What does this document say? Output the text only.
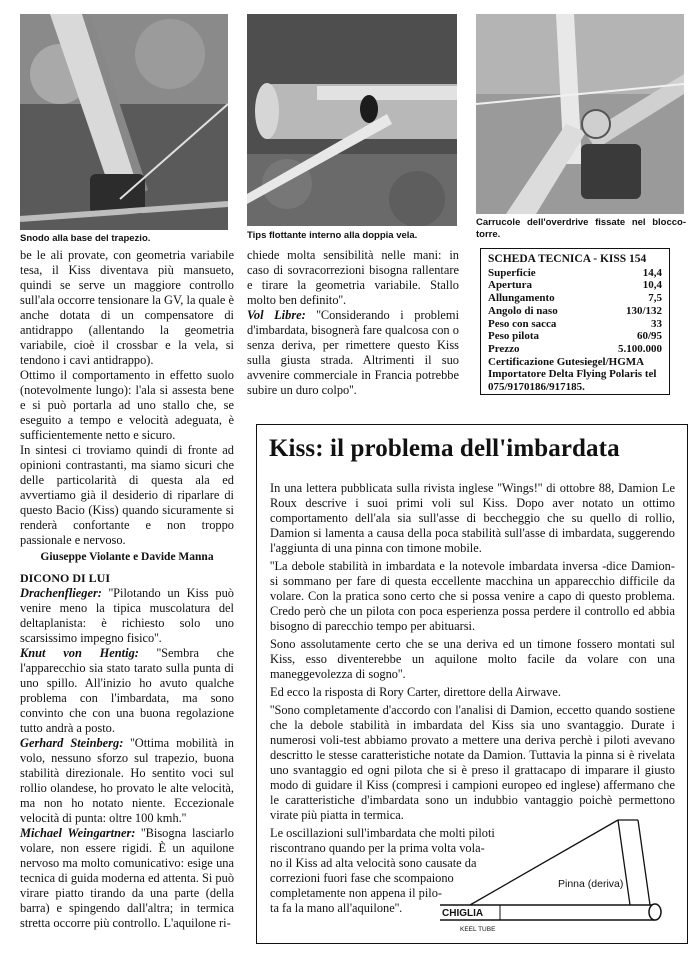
Snodo alla base del trapezio.	Tips flottante interno alla doppia vela.
Carrucole dell'overdrive fissate nel blocco-torre.

be le ali provate, con geometria variabile tesa, il Kiss diventava più mansueto, quindi se serve un maggiore controllo sull'ala occorre tensionare la GV, la quale è anche dotata di un compensatore di antidrappo (allentando la geometria variabile, cioè il crossbar e la vela, si tendono i cavi antidrappo).

Ottimo il comportamento in effetto suolo (notevolmente lungo): l'ala si assesta bene e si può portarla ad uno stallo che, se eseguito a tempo e velocità adeguata, è sufficientemente netto e sicuro.

In sintesi ci troviamo quindi di fronte ad opinioni contrastanti, ma siamo sicuri che delle particolarità di questa ala ed avvertiamo già il desiderio di riparlare di questo Bacio (Kiss) quando sicuramente si renderà confortante e non troppo passionale e nervoso.

Giuseppe Violante e Davide Manna

DICONO DI LUI

Drachenflieger: ''Pilotando un Kiss può venire meno la tipica muscolatura del deltaplanista: è richiesto solo uno scarsissimo impegno fisico''.

Knut von Hentig: ''Sembra che l'apparecchio sia stato tarato sulla punta di uno spillo. All'inizio ho avuto qualche problema con l'imbardata, ma sono convinto che con una buona regolazione tutto andrà a posto.

Gerhard Steinberg: ''Ottima mobilità in volo, nessuno sforzo sul trapezio, buona stabilità direzionale. Ho sentito voci sul rollio olandese, ho provato le alte velocità, ma non ho notato niente. Eccezionale velocità di punta: oltre 100 kmh.''

Michael Weingartner: ''Bisogna lasciarlo volare, non essere rigidi. È un aquilone nervoso ma molto comunicativo: esige una tecnica di guida moderna ed attenta. Si può virare piatto tirando da una parte (della barra) e spingendo dall'altra; in termica stretta occorre più controllo. L'aquilone ri-

chiede molta sensibilità nelle mani: in caso di sovracorrezioni bisogna rallentare e tirare la geometria variabile. Stallo molto ben definito''.

Vol Libre: ''Considerando i problemi d'imbardata, bisognerà fare qualcosa con o senza deriva, per rimettere questo Kiss sulla giusta strada. Altrimenti il suo avvenire commerciale in Francia potrebbe subire un duro colpo''.

SCHEDA TECNICA - KISS 154
Superficie	14,4
Apertura	10,4
Allungamento	7,5
Angolo di naso	130/132
Peso con sacca	33
Peso pilota	60/95
Prezzo	5.100.000
Certificazione Gutesiegel/HGMA
Importatore Delta Flying Polaris tel 075/9170186/917185.
Kiss: il problema dell'imbardata

In una lettera pubblicata sulla rivista inglese ''Wings!'' di ottobre 88, Damion Le Roux descrive i suoi primi voli sul Kiss. Dopo aver notato un ottimo comportamento dell'ala sia sull'asse di beccheggio che su quello di rollio, Damion si lamenta a causa della poca stabilità sull'asse di imbardata, suggerendo l'aggiunta di una pinna con timone mobile.

''La debole stabilità in imbardata e la notevole imbardata inversa -dice Damion- si sommano per fare di questa eccellente macchina un apparecchio difficile da volare. Con la pratica sono certo che si possa venire a capo di questo problema. Credo però che un pilota con poca esperienza possa perdere il controllo ed abbia bisogno di parecchio tempo per abituarsi.

Sono assolutamente certo che se una deriva ed un timone fossero montati sul Kiss, esso diventerebbe un aquilone molto facile da volare con una maneggevolezza di sogno''.

Ed ecco la risposta di Rory Carter, direttore della Airwave.

''Sono completamente d'accordo con l'analisi di Damion, eccetto quando sostiene che la debole stabilità in imbardata del Kiss sia uno svantaggio. Durate i numerosi voli-test abbiamo provato a mettere una deriva perchè i piloti avevano descritto le stesse caratteristiche notate da Damion. Tuttavia la pinna si è rivelata uno svantaggio ed ogni pilota che si è preso il grattacapo di imparare il giusto modo di guidare il Kiss (compresi i campioni europeo ed inglese) affermano che le caratteristiche d'imbardata sono un indubbio vantaggio poichè permettono virate più piatta in termica.

Le oscillazioni sull'imbardata che molti piloti
riscontrano quando per la prima volta vola-
no il Kiss ad alta velocità sono causate da
correzioni fuori fase che scompaiono
completamente non appena il pilo-
ta fa la mano all'aquilone''.
Pinna (deriva)
CHIGLIA
KEEL TUBE
